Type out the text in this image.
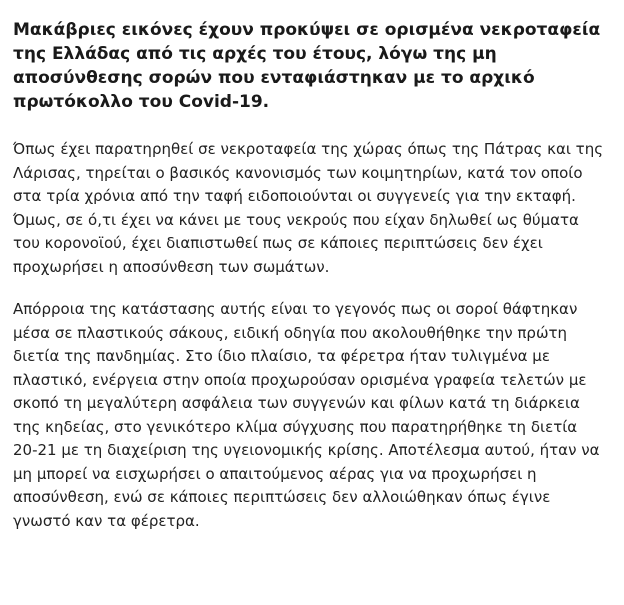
Μακάβριες εικόνες έχουν προκύψει σε ορισμένα νεκροταφεία της Ελλάδας από τις αρχές του έτους, λόγω της μη αποσύνθεσης σορών που ενταφιάστηκαν με το αρχικό πρωτόκολλο του Covid-19.

Όπως έχει παρατηρηθεί σε νεκροταφεία της χώρας όπως της Πάτρας και της Λάρισας, τηρείται ο βασικός κανονισμός των κοιμητηρίων, κατά τον οποίο στα τρία χρόνια από την ταφή ειδοποιούνται οι συγγενείς για την εκταφή. Όμως, σε ό,τι έχει να κάνει με τους νεκρούς που είχαν δηλωθεί ως θύματα του κορονοϊού, έχει διαπιστωθεί πως σε κάποιες περιπτώσεις δεν έχει προχωρήσει η αποσύνθεση των σωμάτων.

Απόρροια της κατάστασης αυτής είναι το γεγονός πως οι σοροί θάφτηκαν μέσα σε πλαστικούς σάκους, ειδική οδηγία που ακολουθήθηκε την πρώτη διετία της πανδημίας. Στο ίδιο πλαίσιο, τα φέρετρα ήταν τυλιγμένα με πλαστικό, ενέργεια στην οποία προχωρούσαν ορισμένα γραφεία τελετών με σκοπό τη μεγαλύτερη ασφάλεια των συγγενών και φίλων κατά τη διάρκεια της κηδείας, στο γενικότερο κλίμα σύγχυσης που παρατηρήθηκε τη διετία 20-21 με τη διαχείριση της υγειονομικής κρίσης. Αποτέλεσμα αυτού, ήταν να μη μπορεί να εισχωρήσει ο απαιτούμενος αέρας για να προχωρήσει η αποσύνθεση, ενώ σε κάποιες περιπτώσεις δεν αλλοιώθηκαν όπως έγινε γνωστό καν τα φέρετρα.
